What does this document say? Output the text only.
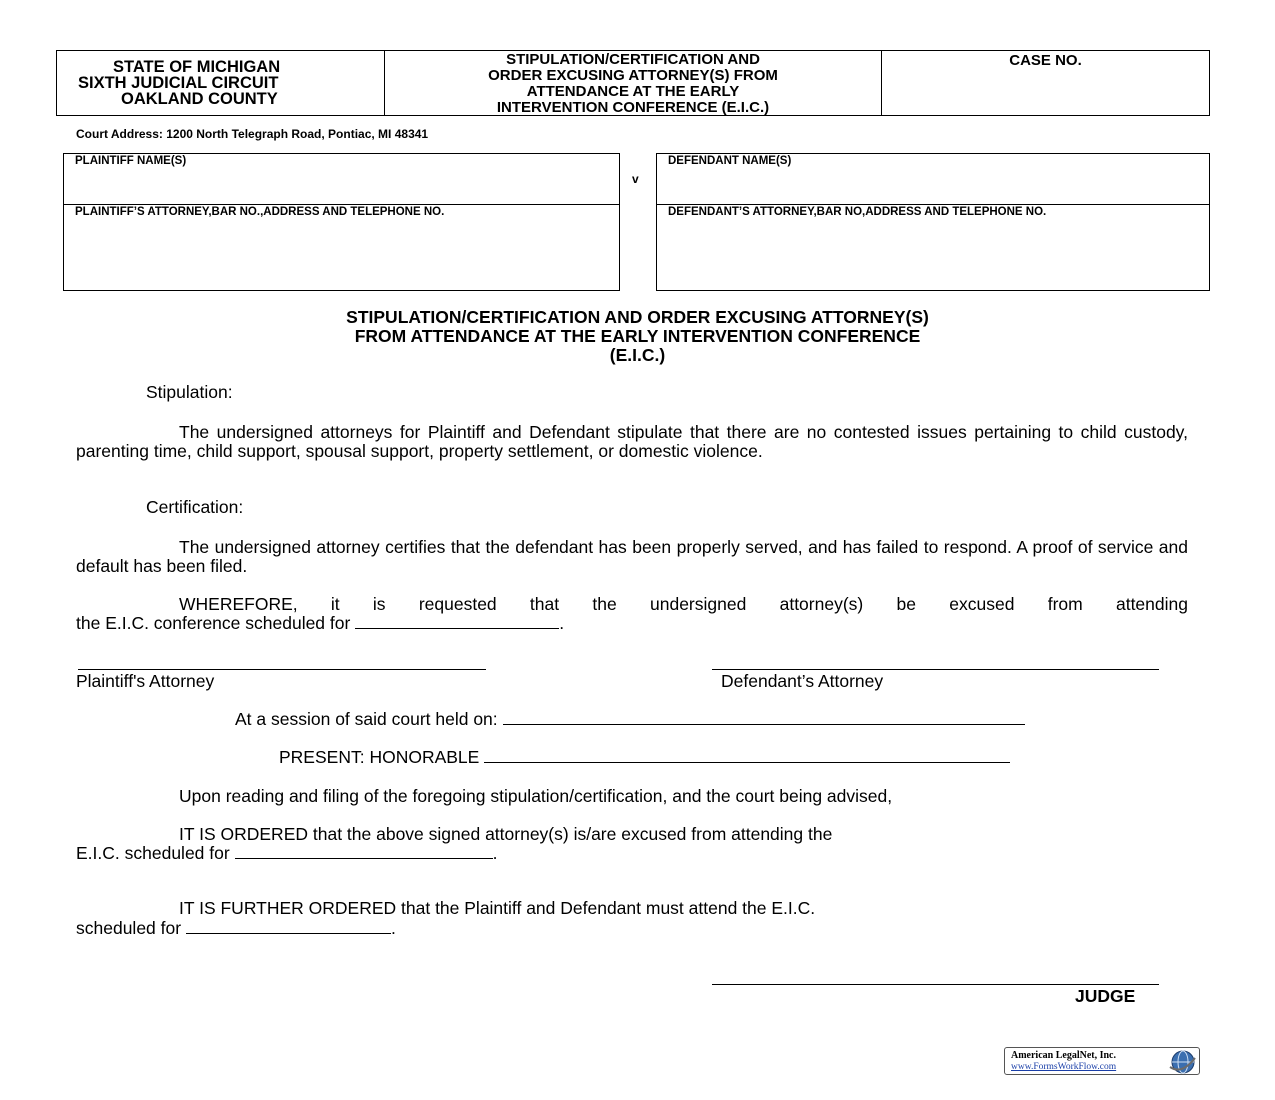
STATE OF MICHIGAN
SIXTH JUDICIAL CIRCUIT
OAKLAND COUNTY
STIPULATION/CERTIFICATION AND
ORDER EXCUSING ATTORNEY(S) FROM
ATTENDANCE AT THE EARLY
INTERVENTION CONFERENCE (E.I.C.)
CASE NO.
Court Address: 1200 North Telegraph Road, Pontiac, MI 48341
PLAINTIFF NAME(S)
PLAINTIFF’S ATTORNEY,BAR NO.,ADDRESS AND TELEPHONE NO.
v
DEFENDANT NAME(S)
DEFENDANT’S ATTORNEY,BAR NO,ADDRESS AND TELEPHONE NO.
STIPULATION/CERTIFICATION AND ORDER EXCUSING ATTORNEY(S)
FROM ATTENDANCE AT THE EARLY INTERVENTION CONFERENCE
(E.I.C.)
Stipulation:
The undersigned attorneys for Plaintiff and Defendant stipulate that there are no contested issues pertaining to child custody, parenting time, child support, spousal support, property settlement, or domestic violence.
Certification:
The undersigned attorney certifies that the defendant has been properly served, and has failed to respond. A proof of service and default has been filed.
WHEREFORE, it is requested that the undersigned attorney(s) be excused from attending
the E.I.C. conference scheduled for	.
Plaintiff's Attorney	Defendant’s Attorney
At a session of said court held on:
PRESENT: HONORABLE
Upon reading and filing of the foregoing stipulation/certification, and the court being advised,
IT IS ORDERED that the above signed attorney(s) is/are excused from attending the
E.I.C. scheduled for	.
IT IS FURTHER ORDERED that the Plaintiff and Defendant must attend the E.I.C.
scheduled for	.
JUDGE
American LegalNet, Inc.
www.FormsWorkFlow.com
